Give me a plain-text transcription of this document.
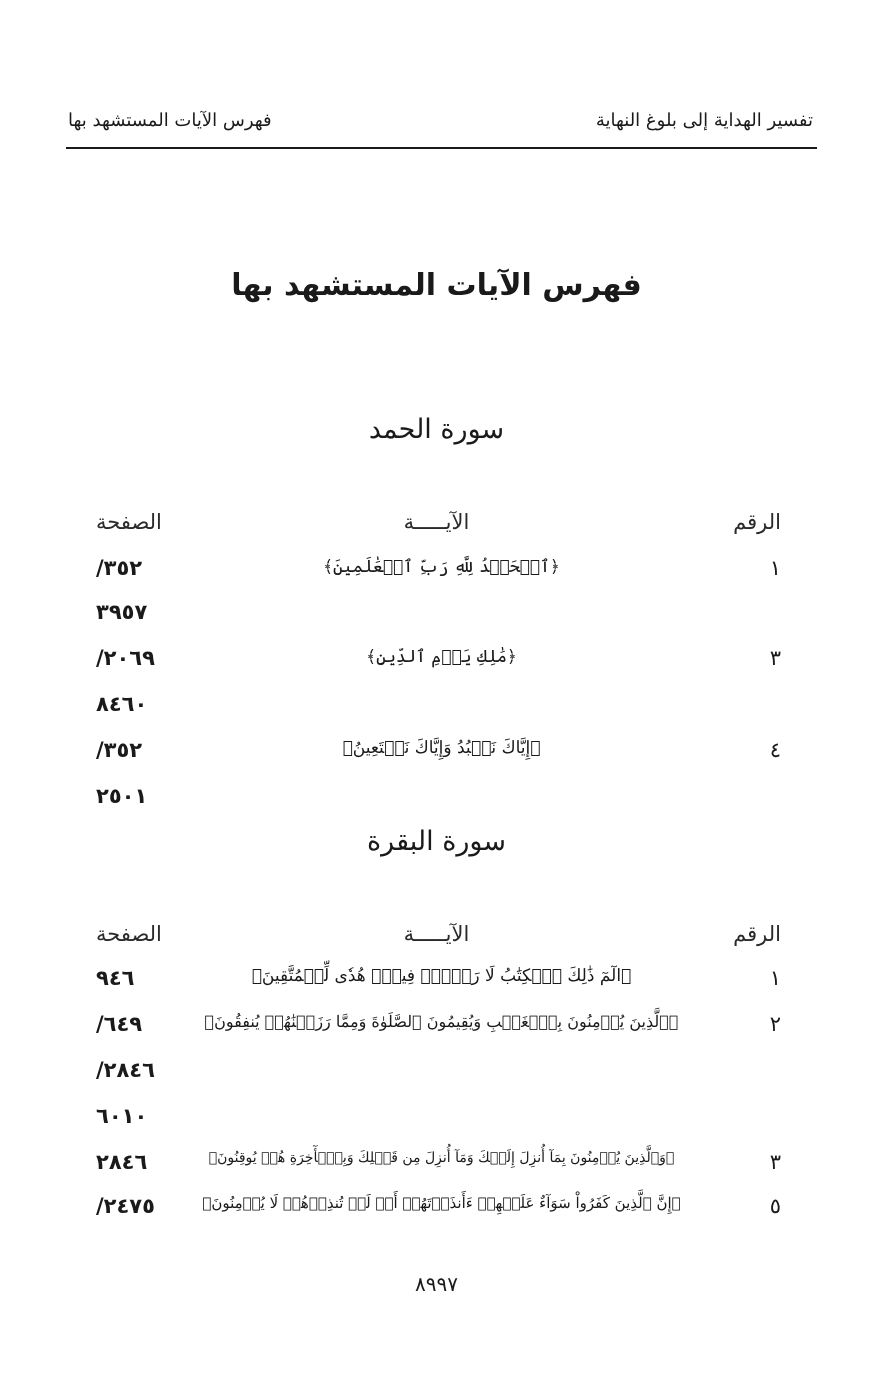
تفسير الهداية إلى بلوغ النهاية
فهرس الآيات المستشهد بها
فهرس الآيات المستشهد بها
سورة الحمد
الرقم
الآيـــــة
الصفحة
١
﴿ٱلۡحَمۡدُ لِلَّهِ رَبِّ ٱلۡعَٰلَمِينَ﴾
/٣٥٢
٣٩٥٧
٣
﴿مَٰلِكِ يَوۡمِ ٱلدِّينِ﴾
/٢٠٦٩
٨٤٦٠
٤
﴿إِيَّاكَ نَعۡبُدُ وَإِيَّاكَ نَسۡتَعِينُ﴾
/٣٥٢
٢٥٠١
سورة البقرة
الرقم
الآيـــــة
الصفحة
١
﴿الٓمٓ ذَٰلِكَ ٱلۡكِتَٰبُ لَا رَيۡبَۛ فِيهِۛ هُدٗى لِّلۡمُتَّقِينَ﴾
٩٤٦
٢
﴿ٱلَّذِينَ يُؤۡمِنُونَ بِٱلۡغَيۡبِ وَيُقِيمُونَ ٱلصَّلَوٰةَ وَمِمَّا رَزَقۡنَٰهُمۡ يُنفِقُونَ﴾
/٦٤٩
/٢٨٤٦
٦٠١٠
٣
﴿وَٱلَّذِينَ يُؤۡمِنُونَ بِمَآ أُنزِلَ إِلَيۡكَ وَمَآ أُنزِلَ مِن قَبۡلِكَ وَبِٱلۡأٓخِرَةِ هُمۡ يُوقِنُونَ﴾
٢٨٤٦
٥
﴿إِنَّ ٱلَّذِينَ كَفَرُواْ سَوَآءٌ عَلَيۡهِمۡ ءَأَنذَرۡتَهُمۡ أَمۡ لَمۡ تُنذِرۡهُمۡ لَا يُؤۡمِنُونَ﴾
/٢٤٧٥
٨٩٩٧
